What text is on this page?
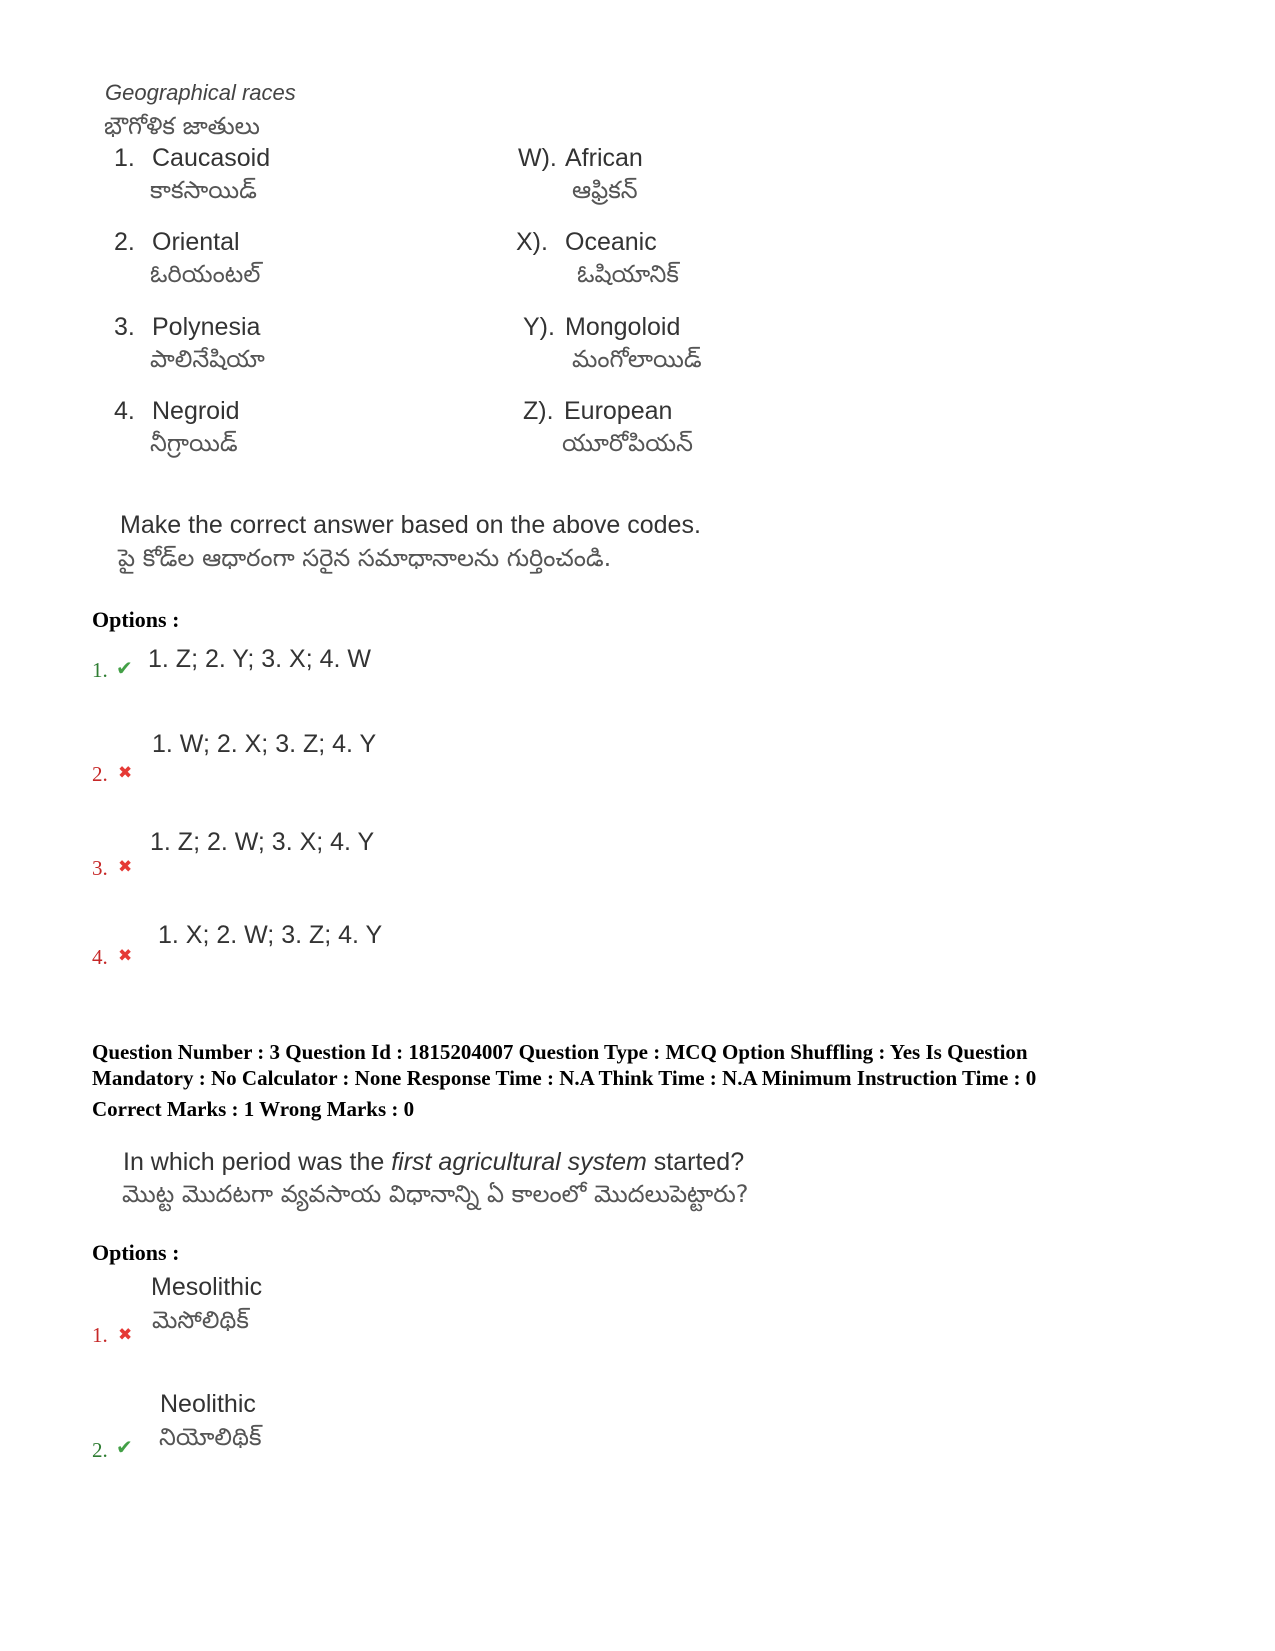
Geographical races
భౌగోళిక జాతులు
1. Caucasoid
కాకసాయిడ్
2. Oriental
ఓరియంటల్
3. Polynesia
పాలినేషియా
4. Negroid
నీగ్రాయిడ్
W). African
ఆఫ్రికన్
X). Oceanic
ఓషియానిక్
Y). Mongoloid
మంగోలాయిడ్
Z). European
యూరోపియన్
Make the correct answer based on the above codes.
పై కోడ్‌ల ఆధారంగా సరైన సమాధానాలను గుర్తించండి.
Options :
1. ✔ 1. Z; 2. Y; 3. X; 4. W
2. ✖
1. W; 2. X; 3. Z; 4. Y
3. ✖
1. Z; 2. W; 3. X; 4. Y
4. ✖
1. X; 2. W; 3. Z; 4. Y
Question Number : 3 Question Id : 1815204007 Question Type : MCQ Option Shuffling : Yes Is Question
Mandatory : No Calculator : None Response Time : N.A Think Time : N.A Minimum Instruction Time : 0
Correct Marks : 1 Wrong Marks : 0
In which period was the first agricultural system started?
మొట్ట మొదటగా వ్యవసాయ విధానాన్ని ఏ కాలంలో మొదలుపెట్టారు?
Options :
1. ✖
Mesolithic
మెసోలిథిక్
2. ✔
Neolithic
నియోలిథిక్
